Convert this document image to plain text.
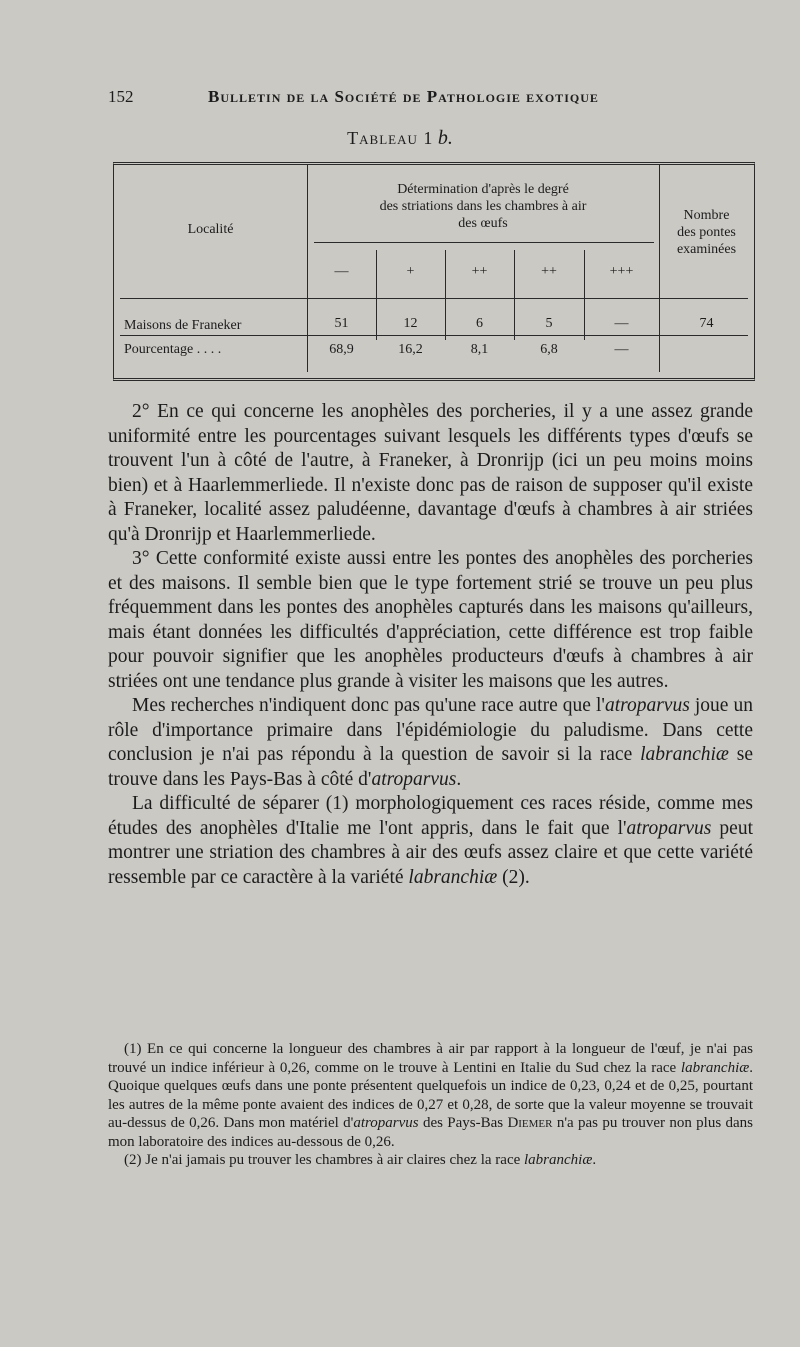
152	Bulletin de la Société de Pathologie exotique
Tableau 1 b.
Localité
Détermination d'après le degré
des striations dans les chambres à air
des œufs
Nombre
des pontes
examinées
—	+	++	++	+++
Maisons de Franeker	51	12	6	5	—	74
Pourcentage . . . .	68,9	16,2	8,1	6,8	—

2° En ce qui concerne les anophèles des porcheries, il y a une assez grande uniformité entre les pourcentages suivant lesquels les différents types d'œufs se trouvent l'un à côté de l'autre, à Franeker, à Dronrijp (ici un peu moins moins bien) et à Haarlemmerliede. Il n'existe donc pas de raison de supposer qu'il existe à Franeker, localité assez paludéenne, davantage d'œufs à chambres à air striées qu'à Dronrijp et Haarlemmerliede.

3° Cette conformité existe aussi entre les pontes des anophèles des porcheries et des maisons. Il semble bien que le type fortement strié se trouve un peu plus fréquemment dans les pontes des anophèles capturés dans les maisons qu'ailleurs, mais étant données les difficultés d'appréciation, cette différence est trop faible pour pouvoir signifier que les anophèles producteurs d'œufs à chambres à air striées ont une tendance plus grande à visiter les maisons que les autres.

Mes recherches n'indiquent donc pas qu'une race autre que l'atroparvus joue un rôle d'importance primaire dans l'épidémiologie du paludisme. Dans cette conclusion je n'ai pas répondu à la question de savoir si la race labranchiæ se trouve dans les Pays-Bas à côté d'atroparvus.

La difficulté de séparer (1) morphologiquement ces races réside, comme mes études des anophèles d'Italie me l'ont appris, dans le fait que l'atroparvus peut montrer une striation des chambres à air des œufs assez claire et que cette variété ressemble par ce caractère à la variété labranchiæ (2).

(1) En ce qui concerne la longueur des chambres à air par rapport à la longueur de l'œuf, je n'ai pas trouvé un indice inférieur à 0,26, comme on le trouve à Lentini en Italie du Sud chez la race labranchiæ. Quoique quelques œufs dans une ponte présentent quelquefois un indice de 0,23, 0,24 et de 0,25, pourtant les autres de la même ponte avaient des indices de 0,27 et 0,28, de sorte que la valeur moyenne se trouvait au-dessus de 0,26. Dans mon matériel d'atroparvus des Pays-Bas Diemer n'a pas pu trouver non plus dans mon laboratoire des indices au-dessous de 0,26.

(2) Je n'ai jamais pu trouver les chambres à air claires chez la race labranchiæ.
